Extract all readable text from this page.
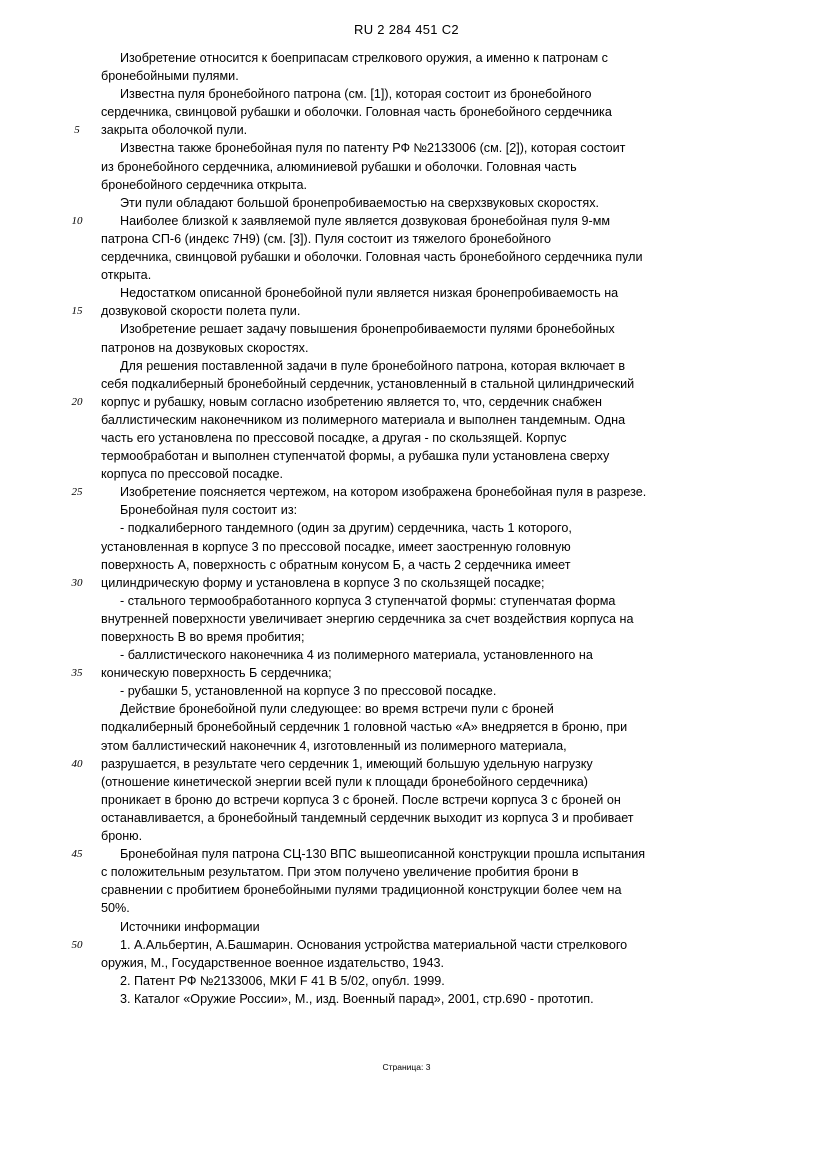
RU 2 284 451 C2
5
10
15
20
25
30
35
40
45
50
Изобретение относится к боеприпасам стрелкового оружия, а именно к патронам с
бронебойными пулями.
Известна пуля бронебойного патрона (см. [1]), которая состоит из бронебойного
сердечника, свинцовой рубашки и оболочки. Головная часть бронебойного сердечника
закрыта оболочкой пули.
Известна также бронебойная пуля по патенту РФ №2133006 (см. [2]), которая состоит
из бронебойного сердечника, алюминиевой рубашки и оболочки. Головная часть
бронебойного сердечника открыта.
Эти пули обладают большой бронепробиваемостью на сверхзвуковых скоростях.
Наиболее близкой к заявляемой пуле является дозвуковая бронебойная пуля 9-мм
патрона СП-6 (индекс 7Н9) (см. [3]). Пуля состоит из тяжелого бронебойного
сердечника, свинцовой рубашки и оболочки. Головная часть бронебойного сердечника пули
открыта.
Недостатком описанной бронебойной пули является низкая бронепробиваемость на
дозвуковой скорости полета пули.
Изобретение решает задачу повышения бронепробиваемости пулями бронебойных
патронов на дозвуковых скоростях.
Для решения поставленной задачи в пуле бронебойного патрона, которая включает в
себя подкалиберный бронебойный сердечник, установленный в стальной цилиндрический
корпус и рубашку, новым согласно изобретению является то, что, сердечник снабжен
баллистическим наконечником из полимерного материала и выполнен тандемным. Одна
часть его установлена по прессовой посадке, а другая - по скользящей. Корпус
термообработан и выполнен ступенчатой формы, а рубашка пули установлена сверху
корпуса по прессовой посадке.
Изобретение поясняется чертежом, на котором изображена бронебойная пуля в разрезе.
Бронебойная пуля состоит из:
- подкалиберного тандемного (один за другим) сердечника, часть 1 которого,
установленная в корпусе 3 по прессовой посадке, имеет заостренную головную
поверхность А, поверхность с обратным конусом Б, а часть 2 сердечника имеет
цилиндрическую форму и установлена в корпусе 3 по скользящей посадке;
- стального термообработанного корпуса 3 ступенчатой формы: ступенчатая форма
внутренней поверхности увеличивает энергию сердечника за счет воздействия корпуса на
поверхность В во время пробития;
- баллистического наконечника 4 из полимерного материала, установленного на
коническую поверхность Б сердечника;
- рубашки 5, установленной на корпусе 3 по прессовой посадке.
Действие бронебойной пули следующее: во время встречи пули с броней
подкалиберный бронебойный сердечник 1 головной частью «А» внедряется в броню, при
этом баллистический наконечник 4, изготовленный из полимерного материала,
разрушается, в результате чего сердечник 1, имеющий большую удельную нагрузку
(отношение кинетической энергии всей пули к площади бронебойного сердечника)
проникает в броню до встречи корпуса 3 с броней. После встречи корпуса 3 с броней он
останавливается, а бронебойный тандемный сердечник выходит из корпуса 3 и пробивает
броню.
Бронебойная пуля патрона СЦ-130 ВПС вышеописанной конструкции прошла испытания
с положительным результатом. При этом получено увеличение пробития брони в
сравнении с пробитием бронебойными пулями традиционной конструкции более чем на
50%.
Источники информации
1. А.Альбертин, А.Башмарин. Основания устройства материальной части стрелкового
оружия, М., Государственное военное издательство, 1943.
2. Патент РФ №2133006, МКИ F 41 B 5/02, опубл. 1999.
3. Каталог «Оружие России», М., изд. Военный парад», 2001, стр.690 - прототип.
Страница: 3
